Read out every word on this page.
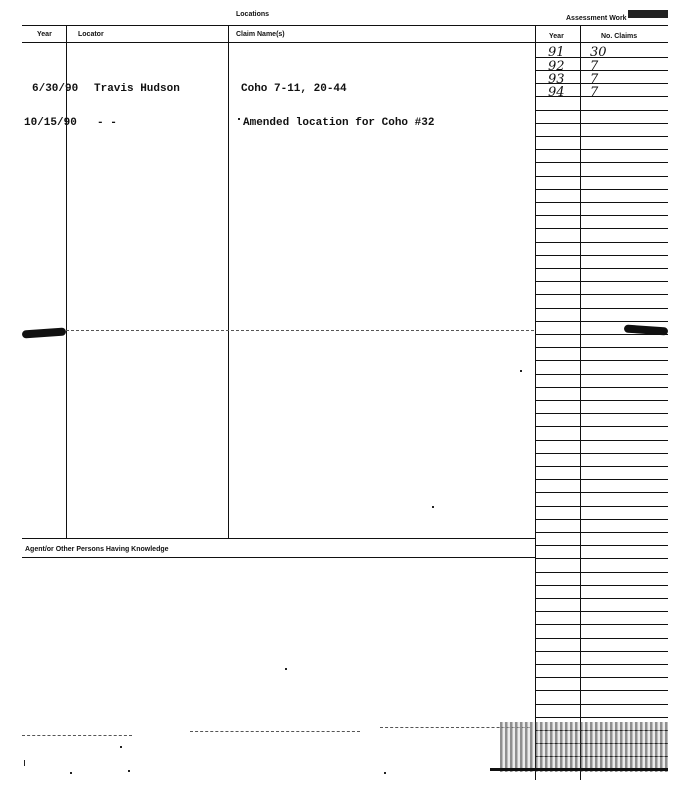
Locations
Assessment Work
Year	Locator	Claim Name(s)	Year	No. Claims
Agent/or Other Persons Having Knowledge
6/30/90 Travis Hudson	Coho 7-11, 20-44
10/15/90 - -	Amended location for Coho #32
91 30
92 7
93 7
94 7
